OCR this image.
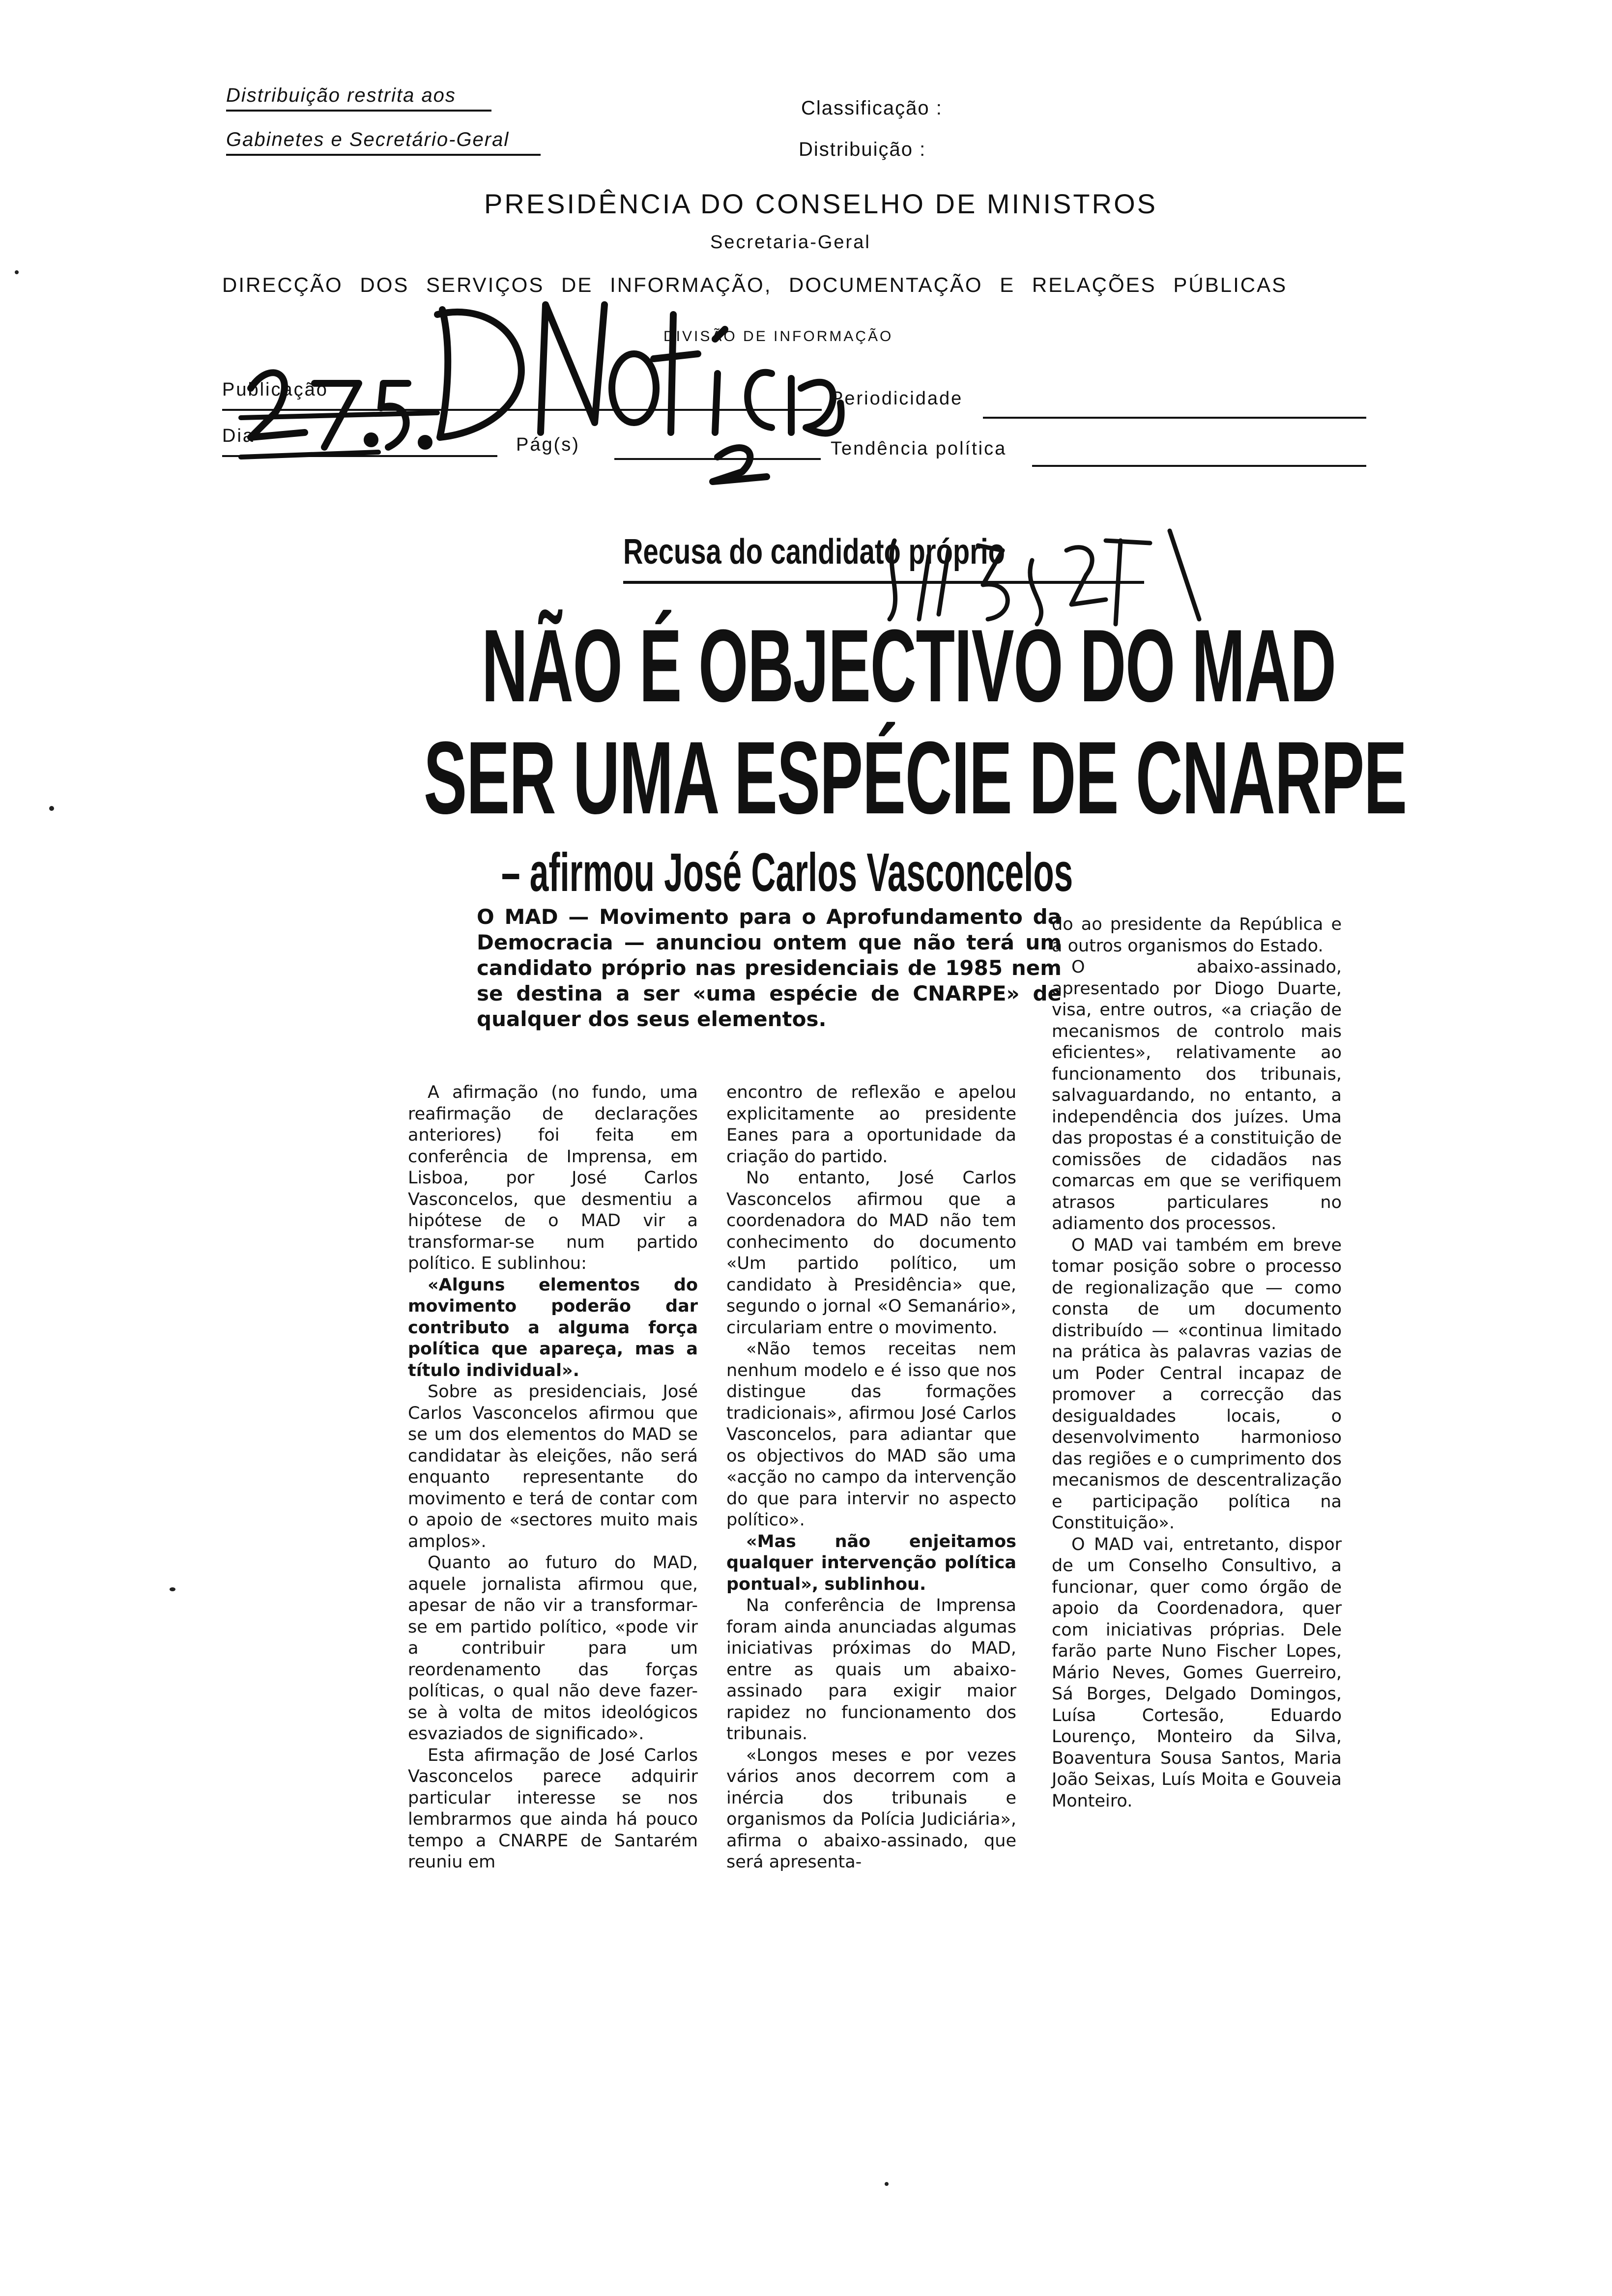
Distribuição restrita aos
Gabinetes e Secretário-Geral
Classificação :
Distribuição :
PRESIDÊNCIA DO CONSELHO DE MINISTROS
Secretaria-Geral
DIRECÇÃO DOS SERVIÇOS DE INFORMAÇÃO, DOCUMENTAÇÃO E RELAÇÕES PÚBLICAS
DIVISÃO DE INFORMAÇÃO
Publicação
Dia	Pág(s)
Periodicidade
Tendência política
Recusa do candidato próprio
NÃO É OBJECTIVO DO MAD
SER UMA ESPÉCIE DE CNARPE
– afirmou José Carlos Vasconcelos
O MAD — Movimento para o Aprofundamento da Democracia — anunciou ontem que não terá um candidato próprio nas presidenciais de 1985 nem se destina a ser «uma espécie de CNARPE» de qualquer dos seus elementos.

A afirmação (no fundo, uma reafirmação de declarações anteriores) foi feita em conferência de Imprensa, em Lisboa, por José Carlos Vasconcelos, que desmentiu a hipótese de o MAD vir a transformar-se num partido político. E sublinhou:

«Alguns elementos do movimento poderão dar contributo a alguma força política que apareça, mas a título individual».

Sobre as presidenciais, José Carlos Vasconcelos afirmou que se um dos elementos do MAD se candidatar às eleições, não será enquanto representante do movimento e terá de contar com o apoio de «sectores muito mais amplos».

Quanto ao futuro do MAD, aquele jornalista afirmou que, apesar de não vir a transformar-se em partido político, «pode vir a contribuir para um reordenamento das forças políticas, o qual não deve fazer-se à volta de mitos ideológicos esvaziados de significado».

Esta afirmação de José Carlos Vasconcelos parece adquirir particular interesse se nos lembrarmos que ainda há pouco tempo a CNARPE de Santarém reuniu em

encontro de reflexão e apelou explicitamente ao presidente Eanes para a oportunidade da criação do partido.

No entanto, José Carlos Vasconcelos afirmou que a coordenadora do MAD não tem conhecimento do documento «Um partido político, um candidato à Presidência» que, segundo o jornal «O Semanário», circulariam entre o movimento.

«Não temos receitas nem nenhum modelo e é isso que nos distingue das formações tradicionais», afirmou José Carlos Vasconcelos, para adiantar que os objectivos do MAD são uma «acção no campo da intervenção do que para intervir no aspecto político».

«Mas não enjeitamos qualquer intervenção política pontual», sublinhou.

Na conferência de Imprensa foram ainda anunciadas algumas iniciativas próximas do MAD, entre as quais um abaixo-assinado para exigir maior rapidez no funcionamento dos tribunais.

«Longos meses e por vezes vários anos decorrem com a inércia dos tribunais e organismos da Polícia Judiciária», afirma o abaixo-assinado, que será apresenta-

do ao presidente da República e a outros organismos do Estado.

O abaixo-assinado, apresentado por Diogo Duarte, visa, entre outros, «a criação de mecanismos de controlo mais eficientes», relativamente ao funcionamento dos tribunais, salvaguardando, no entanto, a independência dos juízes. Uma das propostas é a constituição de comissões de cidadãos nas comarcas em que se verifiquem atrasos particulares no adiamento dos processos.

O MAD vai também em breve tomar posição sobre o processo de regionalização que — como consta de um documento distribuído — «continua limitado na prática às palavras vazias de um Poder Central incapaz de promover a correcção das desigualdades locais, o desenvolvimento harmonioso das regiões e o cumprimento dos mecanismos de descentralização e participação política na Constituição».

O MAD vai, entretanto, dispor de um Conselho Consultivo, a funcionar, quer como órgão de apoio da Coordenadora, quer com iniciativas próprias. Dele farão parte Nuno Fischer Lopes, Mário Neves, Gomes Guerreiro, Sá Borges, Delgado Domingos, Luísa Cortesão, Eduardo Lourenço, Monteiro da Silva, Boaventura Sousa Santos, Maria João Seixas, Luís Moita e Gouveia Monteiro.
